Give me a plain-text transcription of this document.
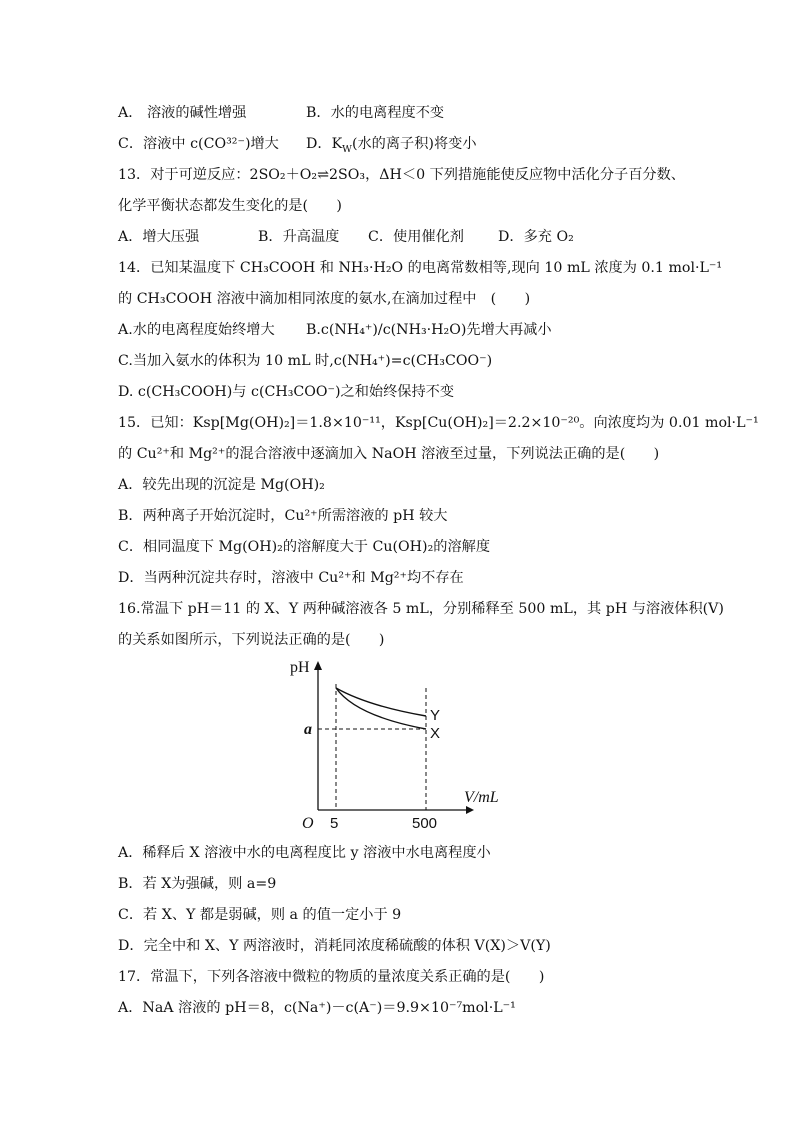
A． 溶液的碱性增强	B．水的电离程度不变
C．溶液中 c(CO³²⁻)增大	D．$K_W$(水的离子积)将变小
13．对于可逆反应：2SO₂＋O₂⇌2SO₃，ΔH＜0 下列措施能使反应物中活化分子百分数、
化学平衡状态都发生变化的是(　　)
A．增大压强	B．升高温度	C．使用催化剂	D．多充 O₂
14．已知某温度下 CH₃COOH 和 NH₃·H₂O 的电离常数相等,现向 10 mL 浓度为 0.1 mol·L⁻¹
的 CH₃COOH 溶液中滴加相同浓度的氨水,在滴加过程中　(　　)
A.水的电离程度始终增大	B.c(NH₄⁺)/c(NH₃·H₂O)先增大再减小
C.当加入氨水的体积为 10 mL 时,c(NH₄⁺)=c(CH₃COO⁻)
D. c(CH₃COOH)与 c(CH₃COO⁻)之和始终保持不变
15．已知：Ksp[Mg(OH)₂]＝1.8×10⁻¹¹，Ksp[Cu(OH)₂]＝2.2×10⁻²⁰。向浓度均为 0.01 mol·L⁻¹
的 Cu²⁺和 Mg²⁺的混合溶液中逐滴加入 NaOH 溶液至过量，下列说法正确的是(　　)
A．较先出现的沉淀是 Mg(OH)₂
B．两种离子开始沉淀时，Cu²⁺所需溶液的 pH 较大
C．相同温度下 Mg(OH)₂的溶解度大于 Cu(OH)₂的溶解度
D．当两种沉淀共存时，溶液中 Cu²⁺和 Mg²⁺均不存在
16.常温下 pH＝11 的 X、Y 两种碱溶液各 5 mL，分别稀释至 500 mL，其 pH 与溶液体积(V)
的关系如图所示，下列说法正确的是(　　)
pH
V/mL
O
a
5	500
Y
X
A．稀释后 X 溶液中水的电离程度比 y 溶液中水电离程度小
B．若 X为强碱，则 a=9
C．若 X、Y 都是弱碱，则 a 的值一定小于 9
D．完全中和 X、Y 两溶液时，消耗同浓度稀硫酸的体积 V(X)＞V(Y)
17．常温下，下列各溶液中微粒的物质的量浓度关系正确的是(　　)
A．NaA 溶液的 pH＝8，c(Na⁺)－c(A⁻)＝9.9×10⁻⁷mol·L⁻¹
